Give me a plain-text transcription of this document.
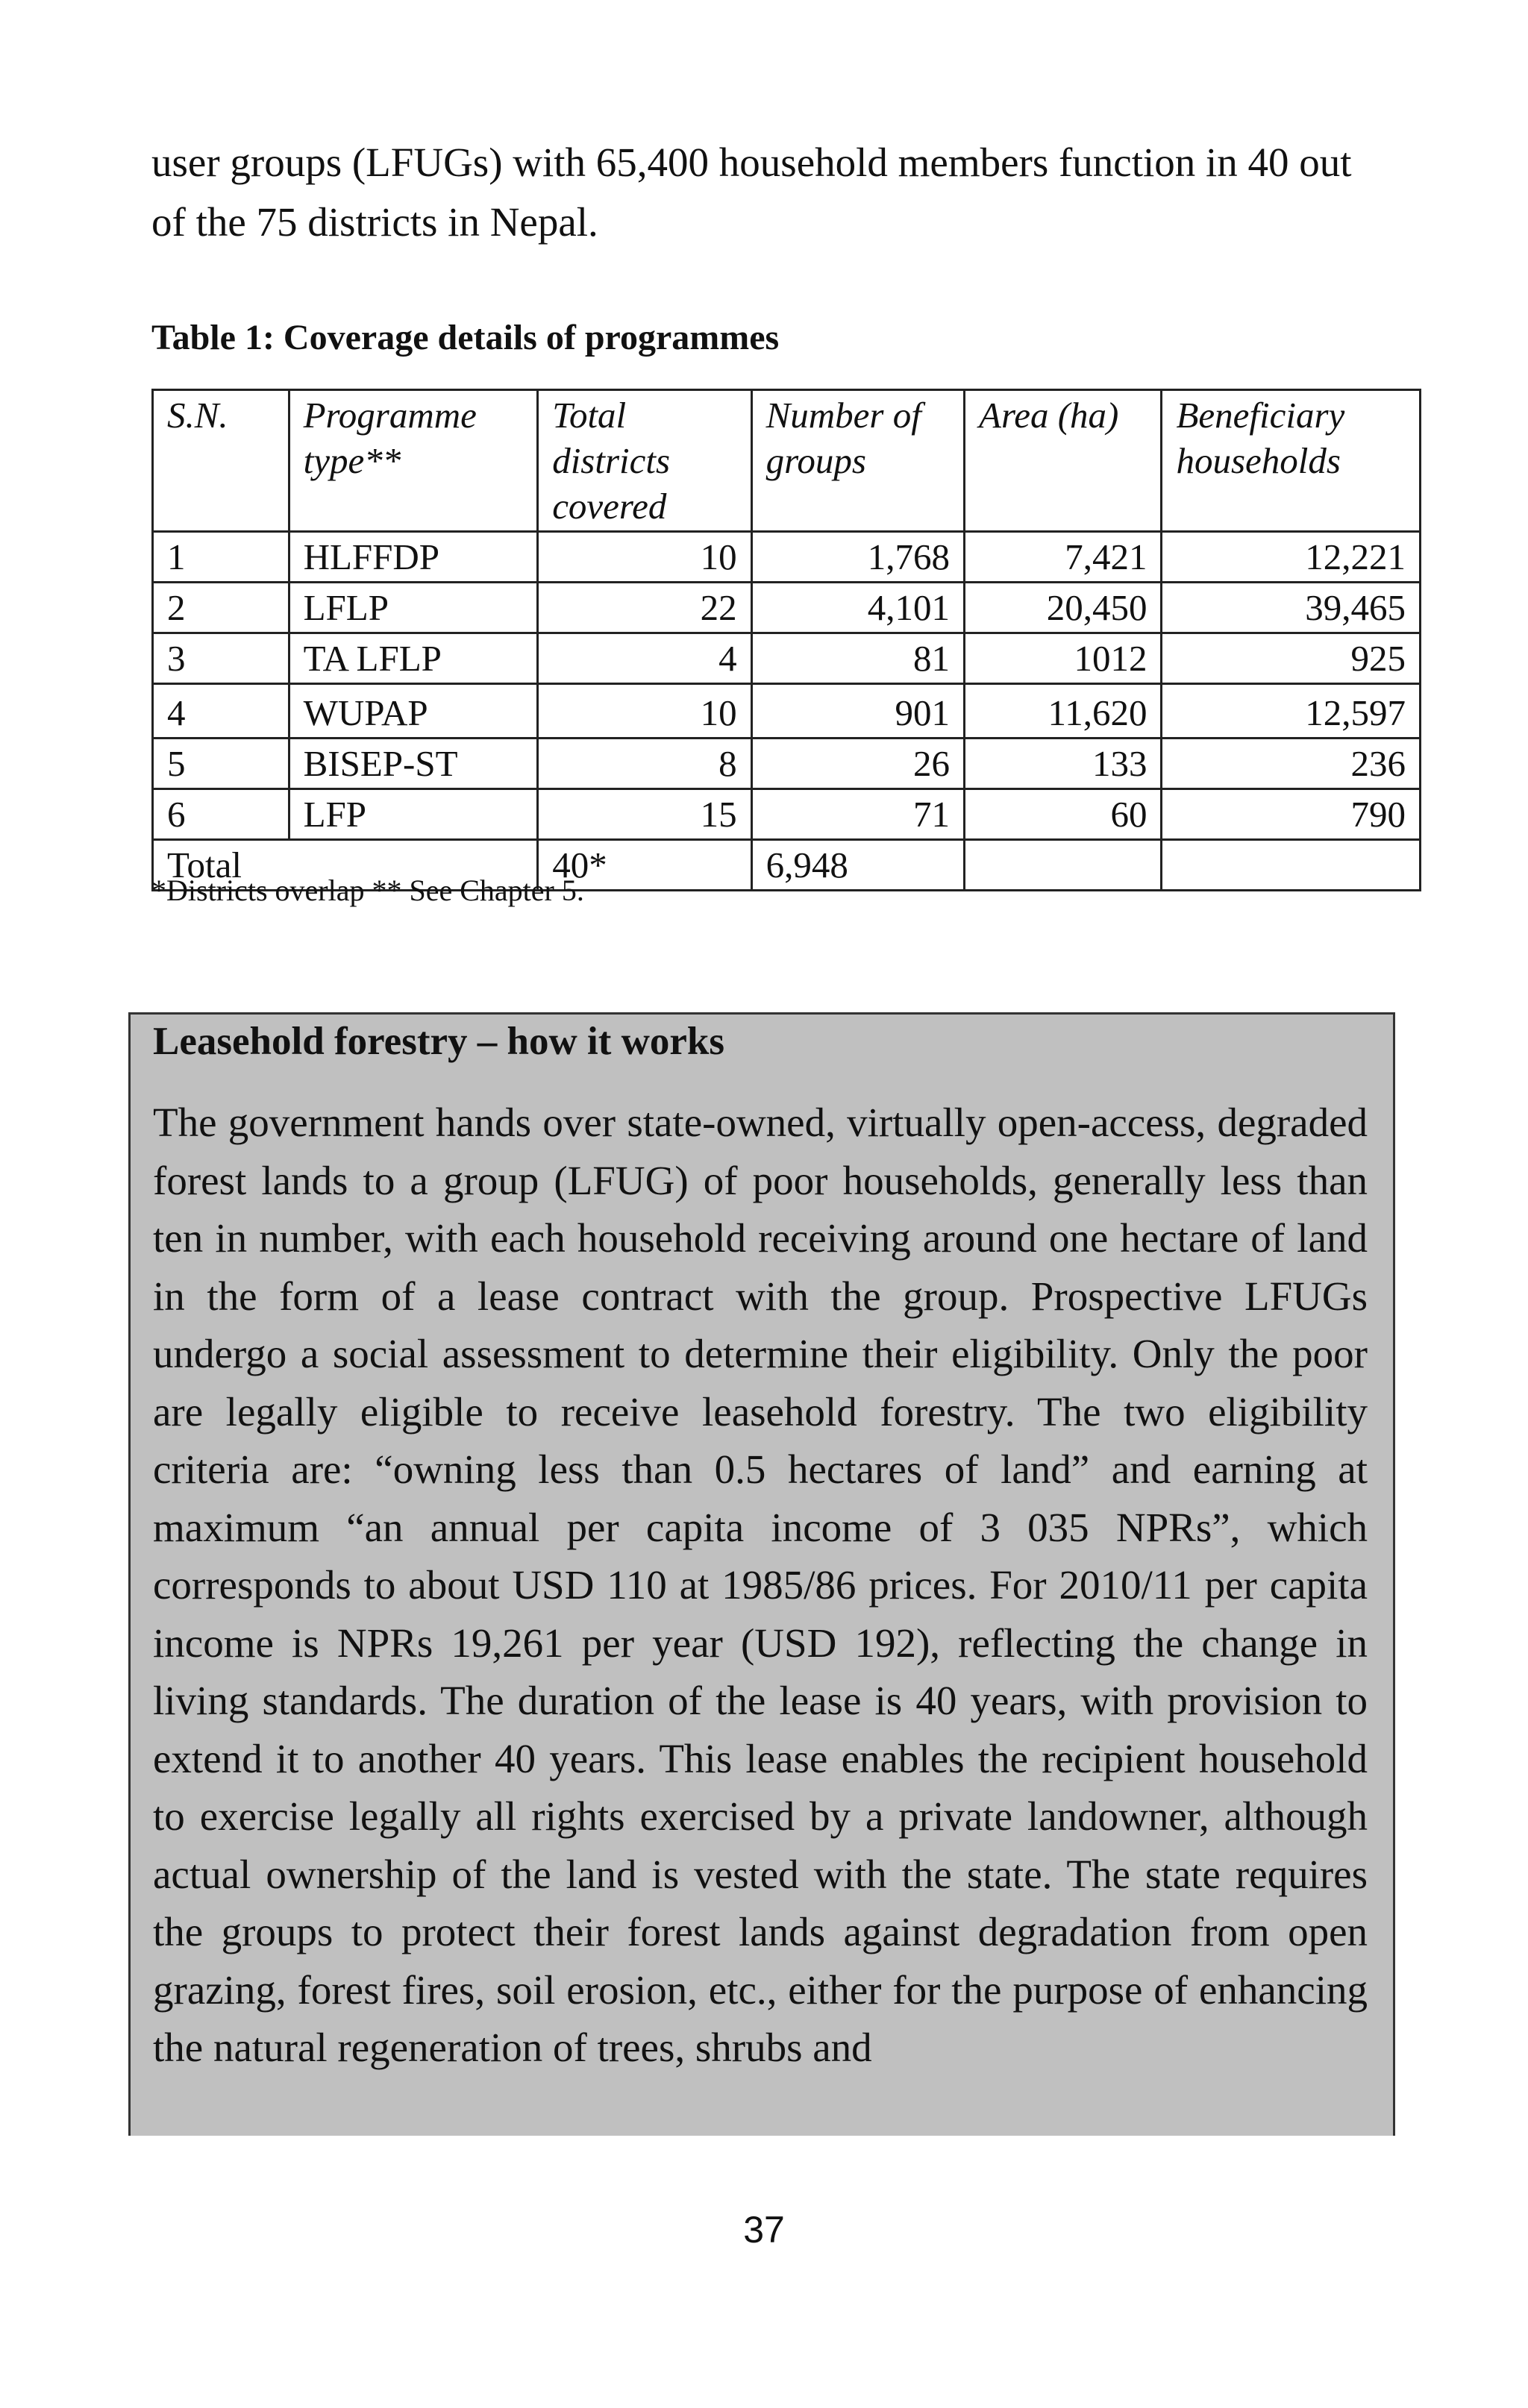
user groups (LFUGs) with 65,400 household members function in 40 out of the 75 districts in Nepal.

Table 1: Coverage details of programmes
S.N.	Programme type**	Total districts covered	Number of groups	Area (ha)	Beneficiary households
1	HLFFDP	10	1,768	7,421	12,221
2	LFLP	22	4,101	20,450	39,465
3	TA LFLP	4	81	1012	925
4	WUPAP	10	901	11,620	12,597
5	BISEP-ST	8	26	133	236
6	LFP	15	71	60	790
Total		40*	6,948		
*Districts overlap ** See Chapter 5.
Leasehold forestry – how it works

The government hands over state-owned, virtually open-access, degraded forest lands to a group (LFUG) of poor households, generally less than ten in number, with each household receiving around one hectare of land in the form of a lease contract with the group. Prospective LFUGs undergo a social assessment to determine their eligibility. Only the poor are legally eligible to receive leasehold forestry. The two eligibility criteria are: “owning less than 0.5 hectares of land” and earning at maximum “an annual per capita income of 3 035 NPRs”, which corresponds to about USD 110 at 1985/86 prices. For 2010/11 per capita income is NPRs 19,261 per year (USD 192), reflecting the change in living standards. The duration of the lease is 40 years, with provision to extend it to another 40 years. This lease enables the recipient household to exercise legally all rights exercised by a private landowner, although actual ownership of the land is vested with the state. The state requires the groups to protect their forest lands against degradation from open grazing, forest fires, soil erosion, etc., either for the purpose of enhancing the natural regeneration of trees, shrubs and

37
